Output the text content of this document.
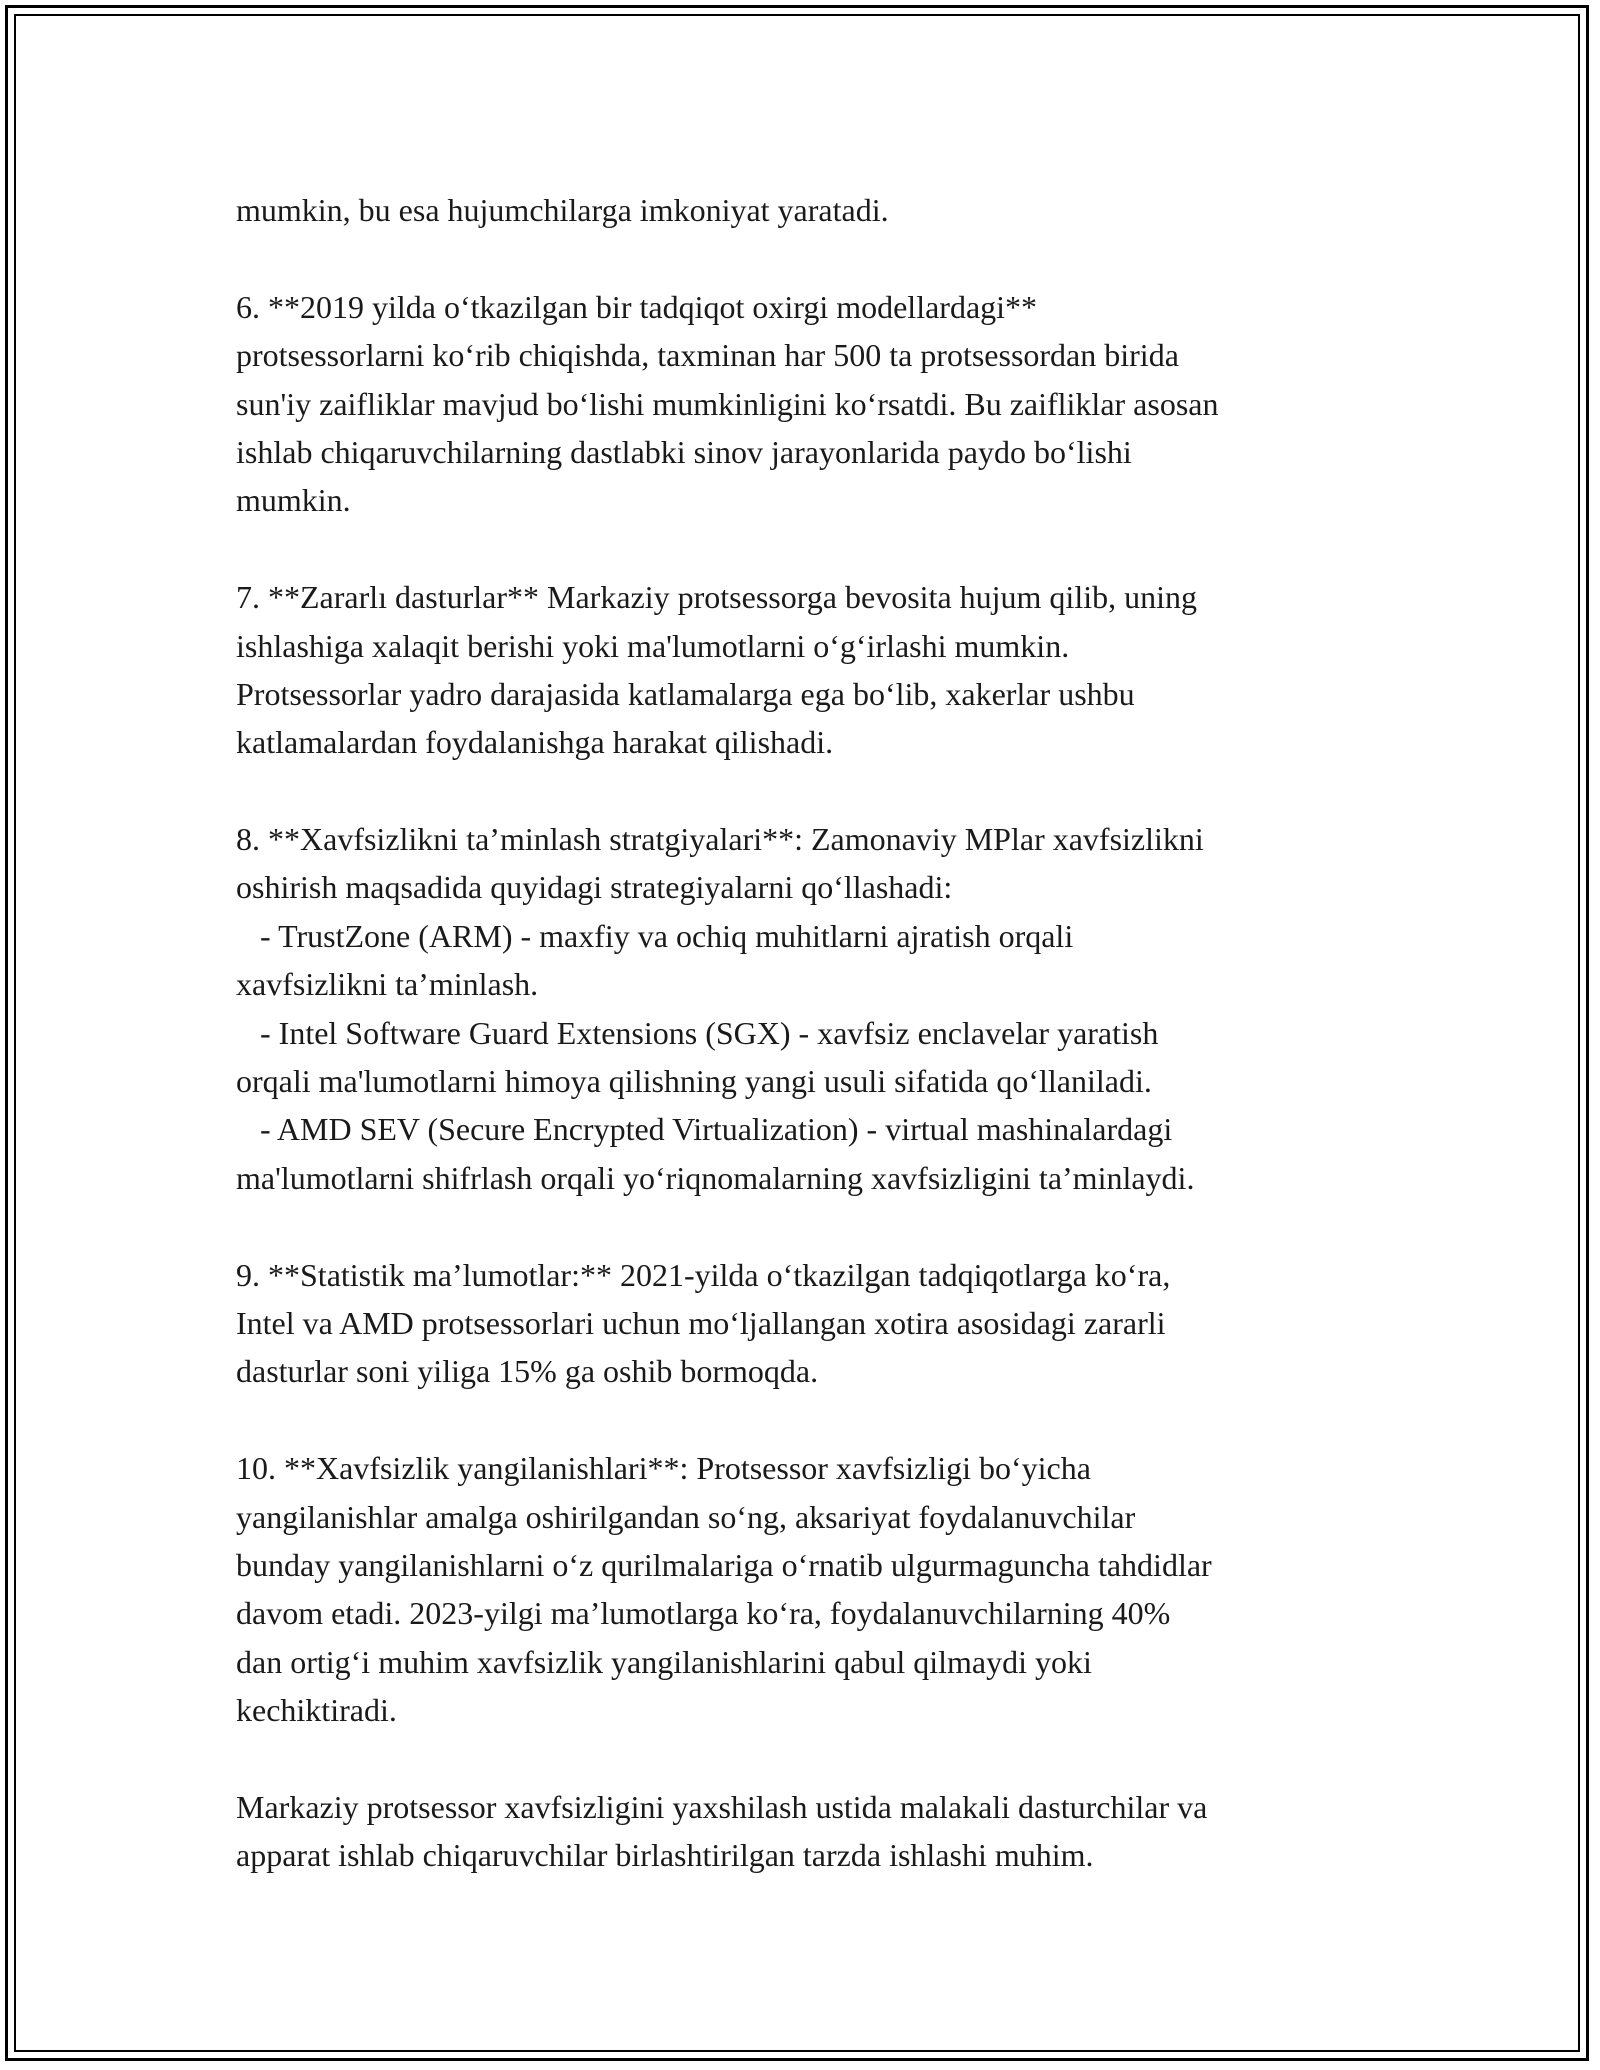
mumkin, bu esa hujumchilarga imkoniyat yaratadi.
6. **2019 yilda o‘tkazilgan bir tadqiqot oxirgi modellardagi**
protsessorlarni ko‘rib chiqishda, taxminan har 500 ta protsessordan birida
sun'iy zaifliklar mavjud bo‘lishi mumkinligini ko‘rsatdi. Bu zaifliklar asosan
ishlab chiqaruvchilarning dastlabki sinov jarayonlarida paydo bo‘lishi
mumkin.
7. **Zararlı dasturlar** Markaziy protsessorga bevosita hujum qilib, uning
ishlashiga xalaqit berishi yoki ma'lumotlarni o‘g‘irlashi mumkin.
Protsessorlar yadro darajasida katlamalarga ega bo‘lib, xakerlar ushbu
katlamalardan foydalanishga harakat qilishadi.
8. **Xavfsizlikni ta’minlash stratgiyalari**: Zamonaviy MPlar xavfsizlikni
oshirish maqsadida quyidagi strategiyalarni qo‘llashadi:
- TrustZone (ARM) - maxfiy va ochiq muhitlarni ajratish orqali
xavfsizlikni ta’minlash.
- Intel Software Guard Extensions (SGX) - xavfsiz enclavelar yaratish
orqali ma'lumotlarni himoya qilishning yangi usuli sifatida qo‘llaniladi.
- AMD SEV (Secure Encrypted Virtualization) - virtual mashinalardagi
ma'lumotlarni shifrlash orqali yo‘riqnomalarning xavfsizligini ta’minlaydi.
9. **Statistik ma’lumotlar:** 2021-yilda o‘tkazilgan tadqiqotlarga ko‘ra,
Intel va AMD protsessorlari uchun mo‘ljallangan xotira asosidagi zararli
dasturlar soni yiliga 15% ga oshib bormoqda.
10. **Xavfsizlik yangilanishlari**: Protsessor xavfsizligi bo‘yicha
yangilanishlar amalga oshirilgandan so‘ng, aksariyat foydalanuvchilar
bunday yangilanishlarni o‘z qurilmalariga o‘rnatib ulgurmaguncha tahdidlar
davom etadi. 2023-yilgi ma’lumotlarga ko‘ra, foydalanuvchilarning 40%
dan ortig‘i muhim xavfsizlik yangilanishlarini qabul qilmaydi yoki
kechiktiradi.
Markaziy protsessor xavfsizligini yaxshilash ustida malakali dasturchilar va
apparat ishlab chiqaruvchilar birlashtirilgan tarzda ishlashi muhim.
